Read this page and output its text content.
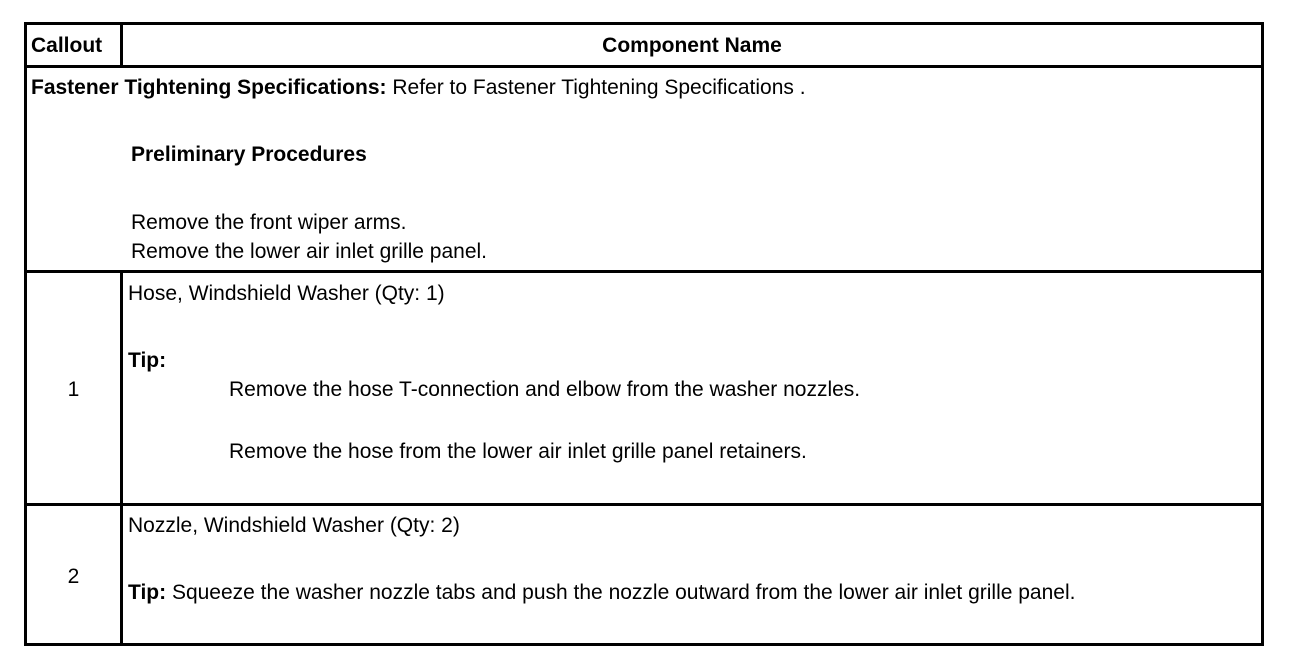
Callout	Component Name
Fastener Tightening Specifications: Refer to Fastener Tightening Specifications .
Preliminary Procedures
Remove the front wiper arms.
Remove the lower air inlet grille panel.
1
Hose, Windshield Washer (Qty: 1)
Tip:
Remove the hose T-connection and elbow from the washer nozzles.
Remove the hose from the lower air inlet grille panel retainers.
2
Nozzle, Windshield Washer (Qty: 2)
Tip: Squeeze the washer nozzle tabs and push the nozzle outward from the lower air inlet grille panel.
